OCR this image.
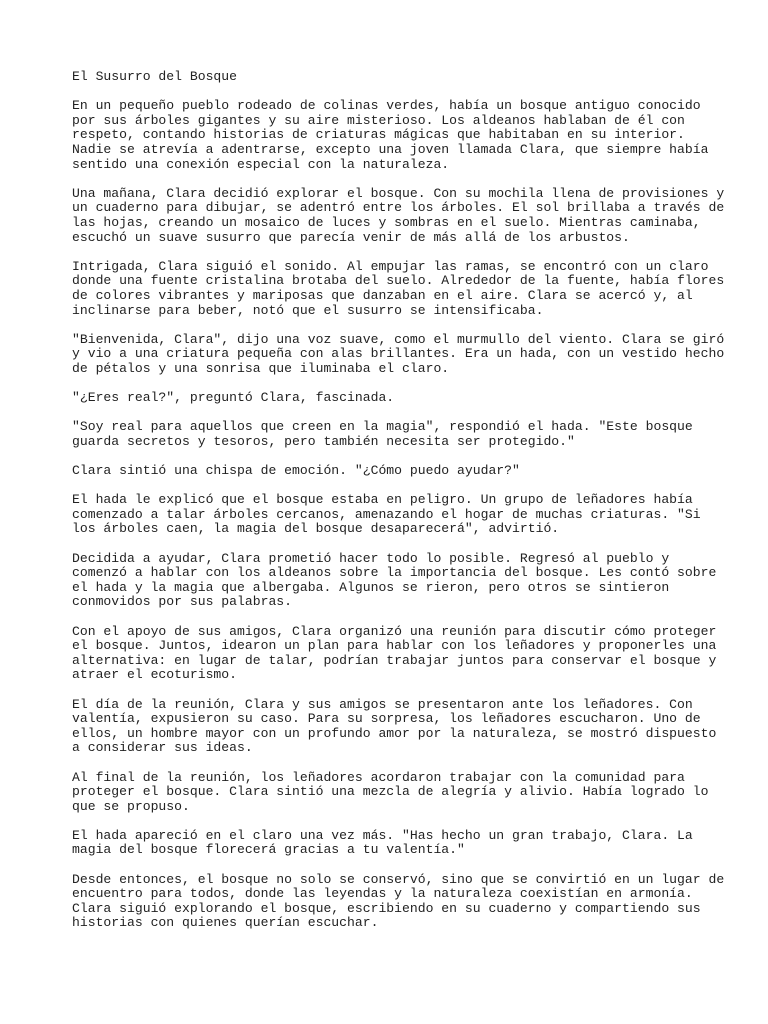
El Susurro del Bosque
En un pequeño pueblo rodeado de colinas verdes, había un bosque antiguo conocido
por sus árboles gigantes y su aire misterioso. Los aldeanos hablaban de él con
respeto, contando historias de criaturas mágicas que habitaban en su interior.
Nadie se atrevía a adentrarse, excepto una joven llamada Clara, que siempre había
sentido una conexión especial con la naturaleza.
Una mañana, Clara decidió explorar el bosque. Con su mochila llena de provisiones y
un cuaderno para dibujar, se adentró entre los árboles. El sol brillaba a través de
las hojas, creando un mosaico de luces y sombras en el suelo. Mientras caminaba,
escuchó un suave susurro que parecía venir de más allá de los arbustos.
Intrigada, Clara siguió el sonido. Al empujar las ramas, se encontró con un claro
donde una fuente cristalina brotaba del suelo. Alrededor de la fuente, había flores
de colores vibrantes y mariposas que danzaban en el aire. Clara se acercó y, al
inclinarse para beber, notó que el susurro se intensificaba.
"Bienvenida, Clara", dijo una voz suave, como el murmullo del viento. Clara se giró
y vio a una criatura pequeña con alas brillantes. Era un hada, con un vestido hecho
de pétalos y una sonrisa que iluminaba el claro.
"¿Eres real?", preguntó Clara, fascinada.
"Soy real para aquellos que creen en la magia", respondió el hada. "Este bosque
guarda secretos y tesoros, pero también necesita ser protegido."
Clara sintió una chispa de emoción. "¿Cómo puedo ayudar?"
El hada le explicó que el bosque estaba en peligro. Un grupo de leñadores había
comenzado a talar árboles cercanos, amenazando el hogar de muchas criaturas. "Si
los árboles caen, la magia del bosque desaparecerá", advirtió.
Decidida a ayudar, Clara prometió hacer todo lo posible. Regresó al pueblo y
comenzó a hablar con los aldeanos sobre la importancia del bosque. Les contó sobre
el hada y la magia que albergaba. Algunos se rieron, pero otros se sintieron
conmovidos por sus palabras.
Con el apoyo de sus amigos, Clara organizó una reunión para discutir cómo proteger
el bosque. Juntos, idearon un plan para hablar con los leñadores y proponerles una
alternativa: en lugar de talar, podrían trabajar juntos para conservar el bosque y
atraer el ecoturismo.
El día de la reunión, Clara y sus amigos se presentaron ante los leñadores. Con
valentía, expusieron su caso. Para su sorpresa, los leñadores escucharon. Uno de
ellos, un hombre mayor con un profundo amor por la naturaleza, se mostró dispuesto
a considerar sus ideas.
Al final de la reunión, los leñadores acordaron trabajar con la comunidad para
proteger el bosque. Clara sintió una mezcla de alegría y alivio. Había logrado lo
que se propuso.
El hada apareció en el claro una vez más. "Has hecho un gran trabajo, Clara. La
magia del bosque florecerá gracias a tu valentía."
Desde entonces, el bosque no solo se conservó, sino que se convirtió en un lugar de
encuentro para todos, donde las leyendas y la naturaleza coexistían en armonía.
Clara siguió explorando el bosque, escribiendo en su cuaderno y compartiendo sus
historias con quienes querían escuchar.
